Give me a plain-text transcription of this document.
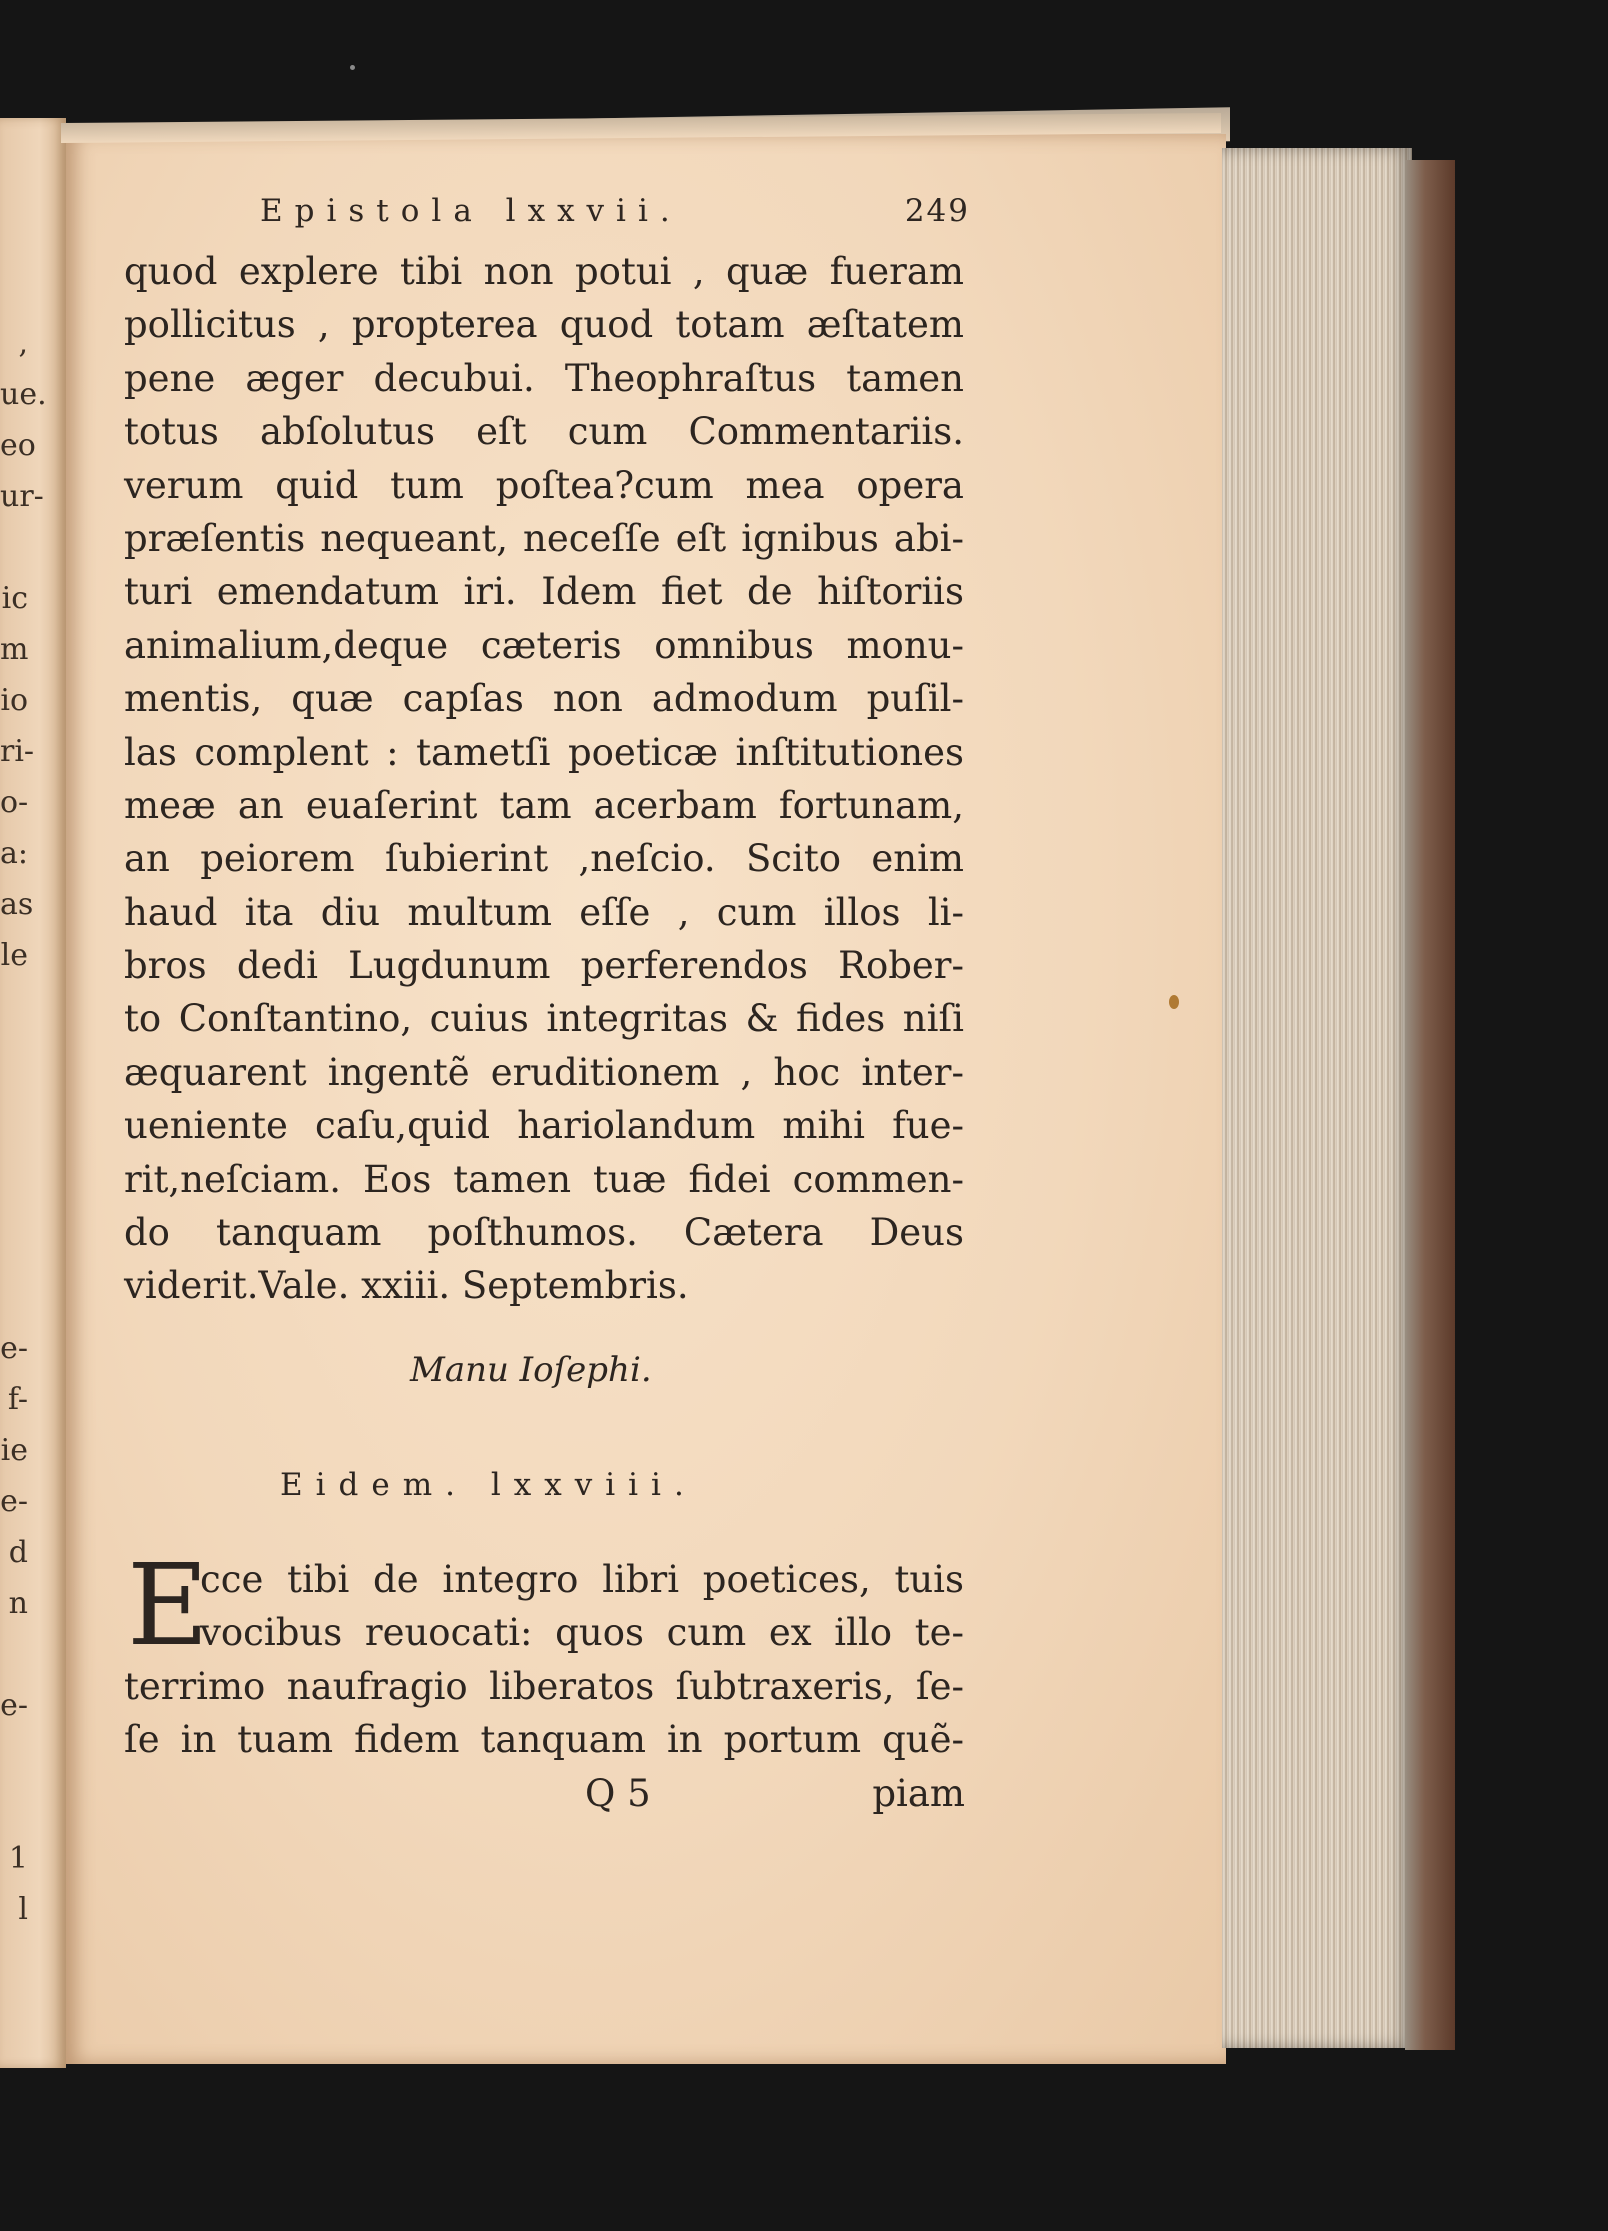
,
ue.
eo
ur-
ic
m
io
ri-
o-
a:
as
le
e-
f-
ie
e-
d
n
e-
1
l
Epistola lxxvii.	249
quod explere tibi non potui , quæ fueram
pollicitus , propterea quod totam æſtatem
pene æger decubui. Theophraſtus tamen
totus abſolutus eſt cum Commentariis.
verum quid tum poſtea?cum mea opera
præſentis nequeant, neceſſe eſt ignibus abi-
turi emendatum iri. Idem fiet de hiſtoriis
animalium,deque cæteris omnibus monu-
mentis, quæ capſas non admodum puſil-
las complent : tametſi poeticæ inſtitutiones
meæ an euaſerint tam acerbam fortunam,
an peiorem ſubierint ,neſcio. Scito enim
haud ita diu multum eſſe , cum illos li-
bros dedi Lugdunum perferendos Rober-
to Conſtantino, cuius integritas & fides niſi
æquarent ingentẽ eruditionem , hoc inter-
ueniente caſu,quid hariolandum mihi fue-
rit,neſciam. Eos tamen tuæ fidei commen-
do tanquam poſthumos. Cætera Deus
viderit.Vale. xxiii. Septembris.
Manu Ioſephi.
Eidem. lxxviii.
E
cce tibi de integro libri poetices, tuis
vocibus reuocati: quos cum ex illo te-
terrimo naufragio liberatos ſubtraxeris, ſe-
ſe in tuam fidem tanquam in portum quẽ-
Q 5	piam
